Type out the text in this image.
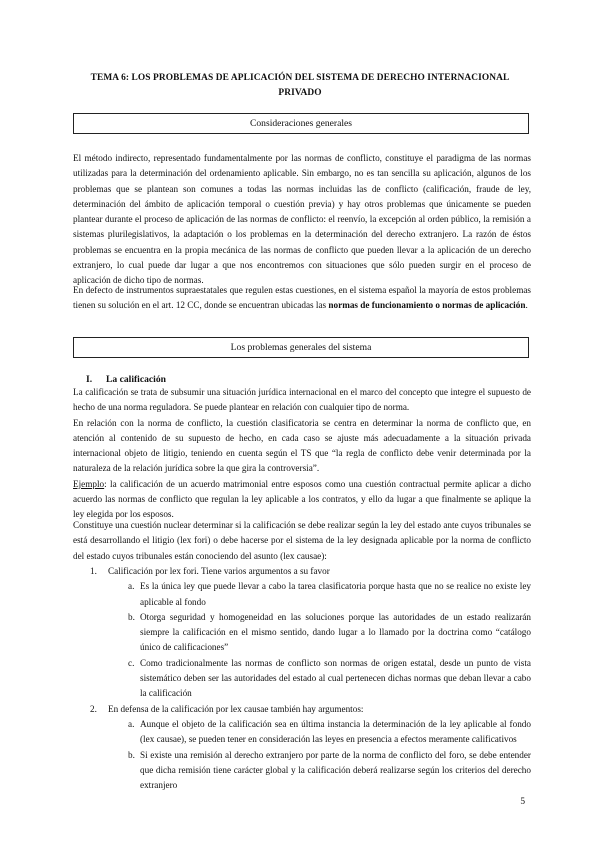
TEMA 6: LOS PROBLEMAS DE APLICACIÓN DEL SISTEMA DE DERECHO INTERNACIONAL PRIVADO
Consideraciones generales

El método indirecto, representado fundamentalmente por las normas de conflicto, constituye el paradigma de las normas utilizadas para la determinación del ordenamiento aplicable. Sin embargo, no es tan sencilla su aplicación, algunos de los problemas que se plantean son comunes a todas las normas incluidas las de conflicto (calificación, fraude de ley, determinación del ámbito de aplicación temporal o cuestión previa) y hay otros problemas que únicamente se pueden plantear durante el proceso de aplicación de las normas de conflicto: el reenvío, la excepción al orden público, la remisión a sistemas plurilegislativos, la adaptación o los problemas en la determinación del derecho extranjero. La razón de éstos problemas se encuentra en la propia mecánica de las normas de conflicto que pueden llevar a la aplicación de un derecho extranjero, lo cual puede dar lugar a que nos encontremos con situaciones que sólo pueden surgir en el proceso de aplicación de dicho tipo de normas.

En defecto de instrumentos supraestatales que regulen estas cuestiones, en el sistema español la mayoría de estos problemas tienen su solución en el art. 12 CC, donde se encuentran ubicadas las normas de funcionamiento o normas de aplicación.

Los problemas generales del sistema
I. La calificación

La calificación se trata de subsumir una situación jurídica internacional en el marco del concepto que integre el supuesto de hecho de una norma reguladora. Se puede plantear en relación con cualquier tipo de norma.

En relación con la norma de conflicto, la cuestión clasificatoria se centra en determinar la norma de conflicto que, en atención al contenido de su supuesto de hecho, en cada caso se ajuste más adecuadamente a la situación privada internacional objeto de litigio, teniendo en cuenta según el TS que “la regla de conflicto debe venir determinada por la naturaleza de la relación jurídica sobre la que gira la controversia”.

Ejemplo: la calificación de un acuerdo matrimonial entre esposos como una cuestión contractual permite aplicar a dicho acuerdo las normas de conflicto que regulan la ley aplicable a los contratos, y ello da lugar a que finalmente se aplique la ley elegida por los esposos.

Constituye una cuestión nuclear determinar si la calificación se debe realizar según la ley del estado ante cuyos tribunales se está desarrollando el litigio (lex fori) o debe hacerse por el sistema de la ley designada aplicable por la norma de conflicto del estado cuyos tribunales están conociendo del asunto (lex causae):

1. Calificación por lex fori. Tiene varios argumentos a su favor
a. Es la única ley que puede llevar a cabo la tarea clasificatoria porque hasta que no se realice no existe ley aplicable al fondo
b. Otorga seguridad y homogeneidad en las soluciones porque las autoridades de un estado realizarán siempre la calificación en el mismo sentido, dando lugar a lo llamado por la doctrina como “catálogo único de calificaciones”
c. Como tradicionalmente las normas de conflicto son normas de origen estatal, desde un punto de vista sistemático deben ser las autoridades del estado al cual pertenecen dichas normas que deban llevar a cabo la calificación
2. En defensa de la calificación por lex causae también hay argumentos:
a. Aunque el objeto de la calificación sea en última instancia la determinación de la ley aplicable al fondo (lex causae), se pueden tener en consideración las leyes en presencia a efectos meramente calificativos
b. Si existe una remisión al derecho extranjero por parte de la norma de conflicto del foro, se debe entender que dicha remisión tiene carácter global y la calificación deberá realizarse según los criterios del derecho extranjero
5
